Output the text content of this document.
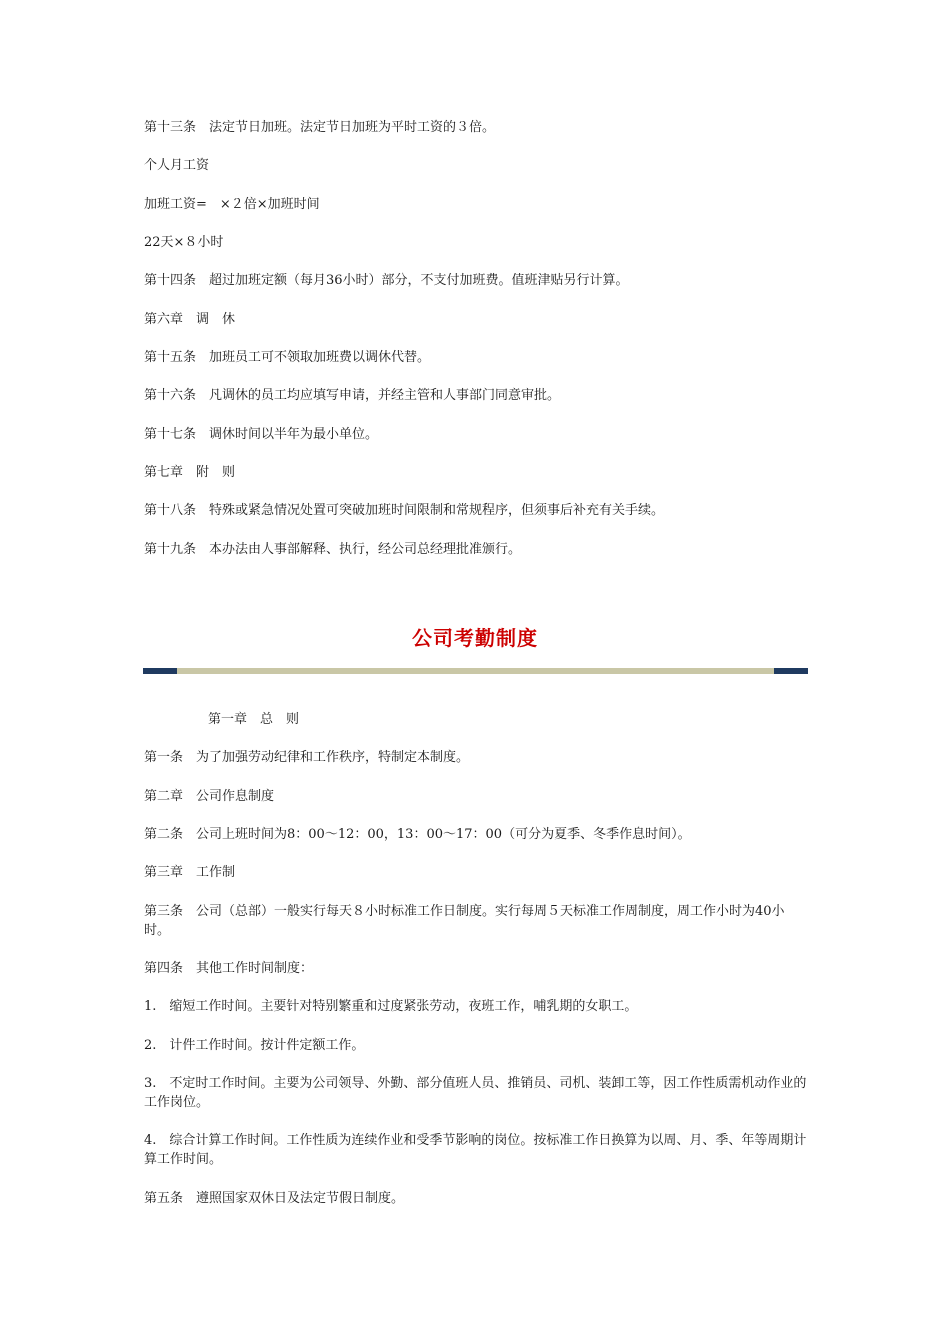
第十三条　法定节日加班。法定节日加班为平时工资的３倍。

个人月工资

加班工资=　×２倍×加班时间

22天×８小时

第十四条　超过加班定额（每月36小时）部分，不支付加班费。值班津贴另行计算。

第六章　调　休

第十五条　加班员工可不领取加班费以调休代替。

第十六条　凡调休的员工均应填写申请，并经主管和人事部门同意审批。

第十七条　调休时间以半年为最小单位。

第七章　附　则

第十八条　特殊或紧急情况处置可突破加班时间限制和常规程序，但须事后补充有关手续。

第十九条　本办法由人事部解释、执行，经公司总经理批准颁行。

公司考勤制度

第一章　总　则

第一条　为了加强劳动纪律和工作秩序，特制定本制度。

第二章　公司作息制度

第二条　公司上班时间为8：00～12：00，13：00～17：00（可分为夏季、冬季作息时间）。

第三章　工作制

第三条　公司（总部）一般实行每天８小时标准工作日制度。实行每周５天标准工作周制度，周工作小时为40小时。

第四条　其他工作时间制度：

1.　缩短工作时间。主要针对特别繁重和过度紧张劳动，夜班工作，哺乳期的女职工。

2.　计件工作时间。按计件定额工作。

3.　不定时工作时间。主要为公司领导、外勤、部分值班人员、推销员、司机、装卸工等，因工作性质需机动作业的工作岗位。

4.　综合计算工作时间。工作性质为连续作业和受季节影响的岗位。按标准工作日换算为以周、月、季、年等周期计算工作时间。

第五条　遵照国家双休日及法定节假日制度。
